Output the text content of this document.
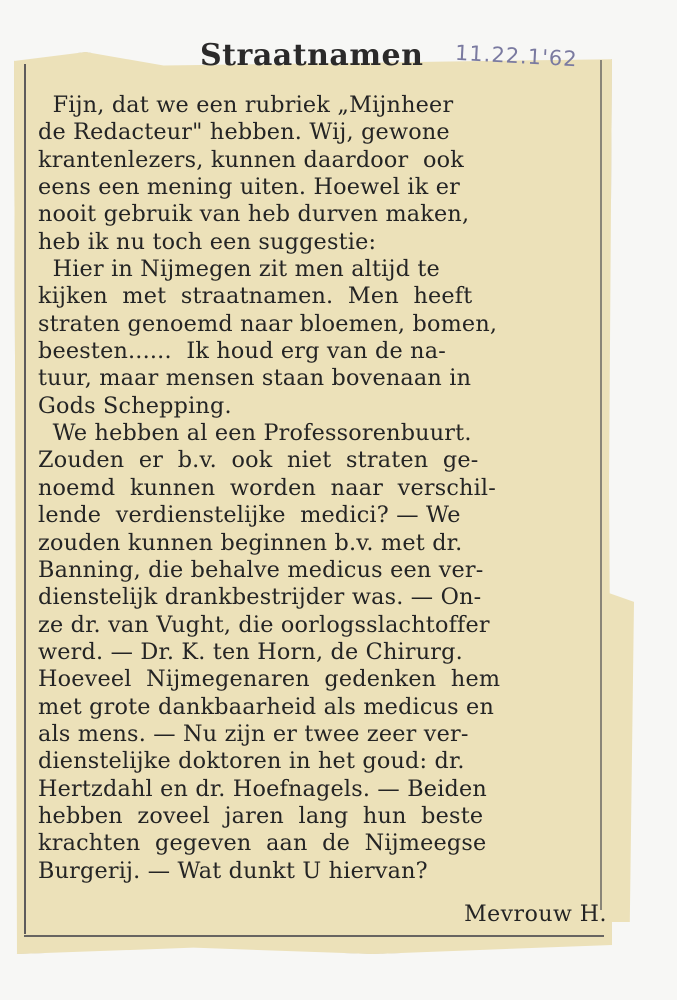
Straatnamen 11.22.1'62
Fijn, dat we een rubriek „Mijnheer
de Redacteur" hebben. Wij, gewone
krantenlezers, kunnen daardoor  ook
eens een mening uiten. Hoewel ik er
nooit gebruik van heb durven maken,
heb ik nu toch een suggestie:
Hier in Nijmegen zit men altijd te
kijken  met  straatnamen.  Men  heeft
straten genoemd naar bloemen, bomen,
beesten......  Ik houd erg van de na-
tuur, maar mensen staan bovenaan in
Gods Schepping.
We hebben al een Professorenbuurt.
Zouden  er  b.v.  ook  niet  straten  ge-
noemd  kunnen  worden  naar  verschil-
lende  verdienstelijke  medici? — We
zouden kunnen beginnen b.v. met dr.
Banning, die behalve medicus een ver-
dienstelijk drankbestrijder was. — On-
ze dr. van Vught, die oorlogsslachtoffer
werd. — Dr. K. ten Horn, de Chirurg.
Hoeveel  Nijmegenaren  gedenken  hem
met grote dankbaarheid als medicus en
als mens. — Nu zijn er twee zeer ver-
dienstelijke doktoren in het goud: dr.
Hertzdahl en dr. Hoefnagels. — Beiden
hebben  zoveel  jaren  lang  hun  beste
krachten  gegeven  aan  de  Nijmeegse
Burgerij. — Wat dunkt U hiervan?
Mevrouw H.
